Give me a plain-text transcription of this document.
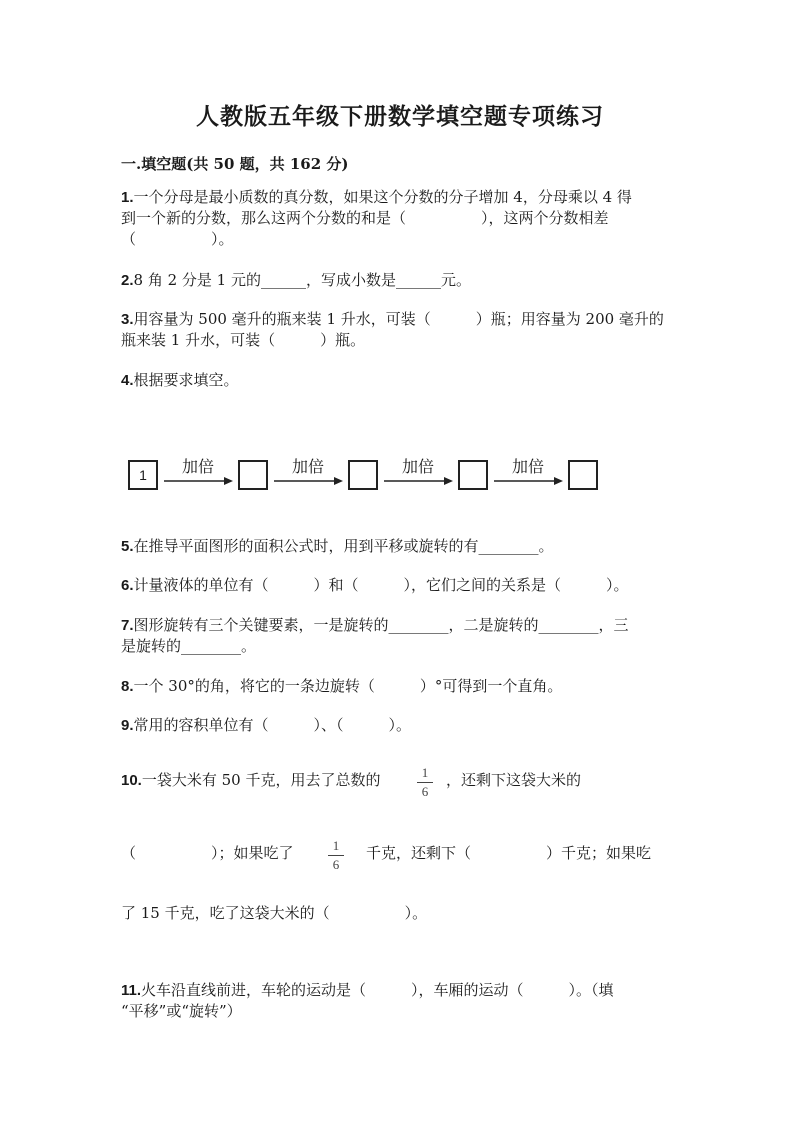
人教版五年级下册数学填空题专项练习
一.填空题(共 50 题，共 162 分)
1.一个分母是最小质数的真分数，如果这个分数的分子增加 4，分母乘以 4 得
到一个新的分数，那么这两个分数的和是（　　　　　），这两个分数相差
（　　　　　）。
2.8 角 2 分是 1 元的______，写成小数是______元。
3.用容量为 500 毫升的瓶来装 1 升水，可装（　　　）瓶；用容量为 200 毫升的
瓶来装 1 升水，可装（　　　）瓶。
4.根据要求填空。
1	加倍	加倍	加倍	加倍
5.在推导平面图形的面积公式时，用到平移或旋转的有________。
6.计量液体的单位有（　　　）和（　　　），它们之间的关系是（　　　）。
7.图形旋转有三个关键要素，一是旋转的________，二是旋转的________，三
是旋转的________。
8.一个 30°的角，将它的一条边旋转（　　　）°可得到一个直角。
9.常用的容积单位有（　　　）、（　　　）。
10.一袋大米有 50 千克，用去了总数的	1
6
，还剩下这袋大米的
（　　　　　）；如果吃了	1
6
千克，还剩下（　　　　　）千克；如果吃
了 15 千克，吃了这袋大米的（　　　　　）。
11.火车沿直线前进，车轮的运动是（　　　），车厢的运动（　　　）。（填
“平移”或“旋转”）
